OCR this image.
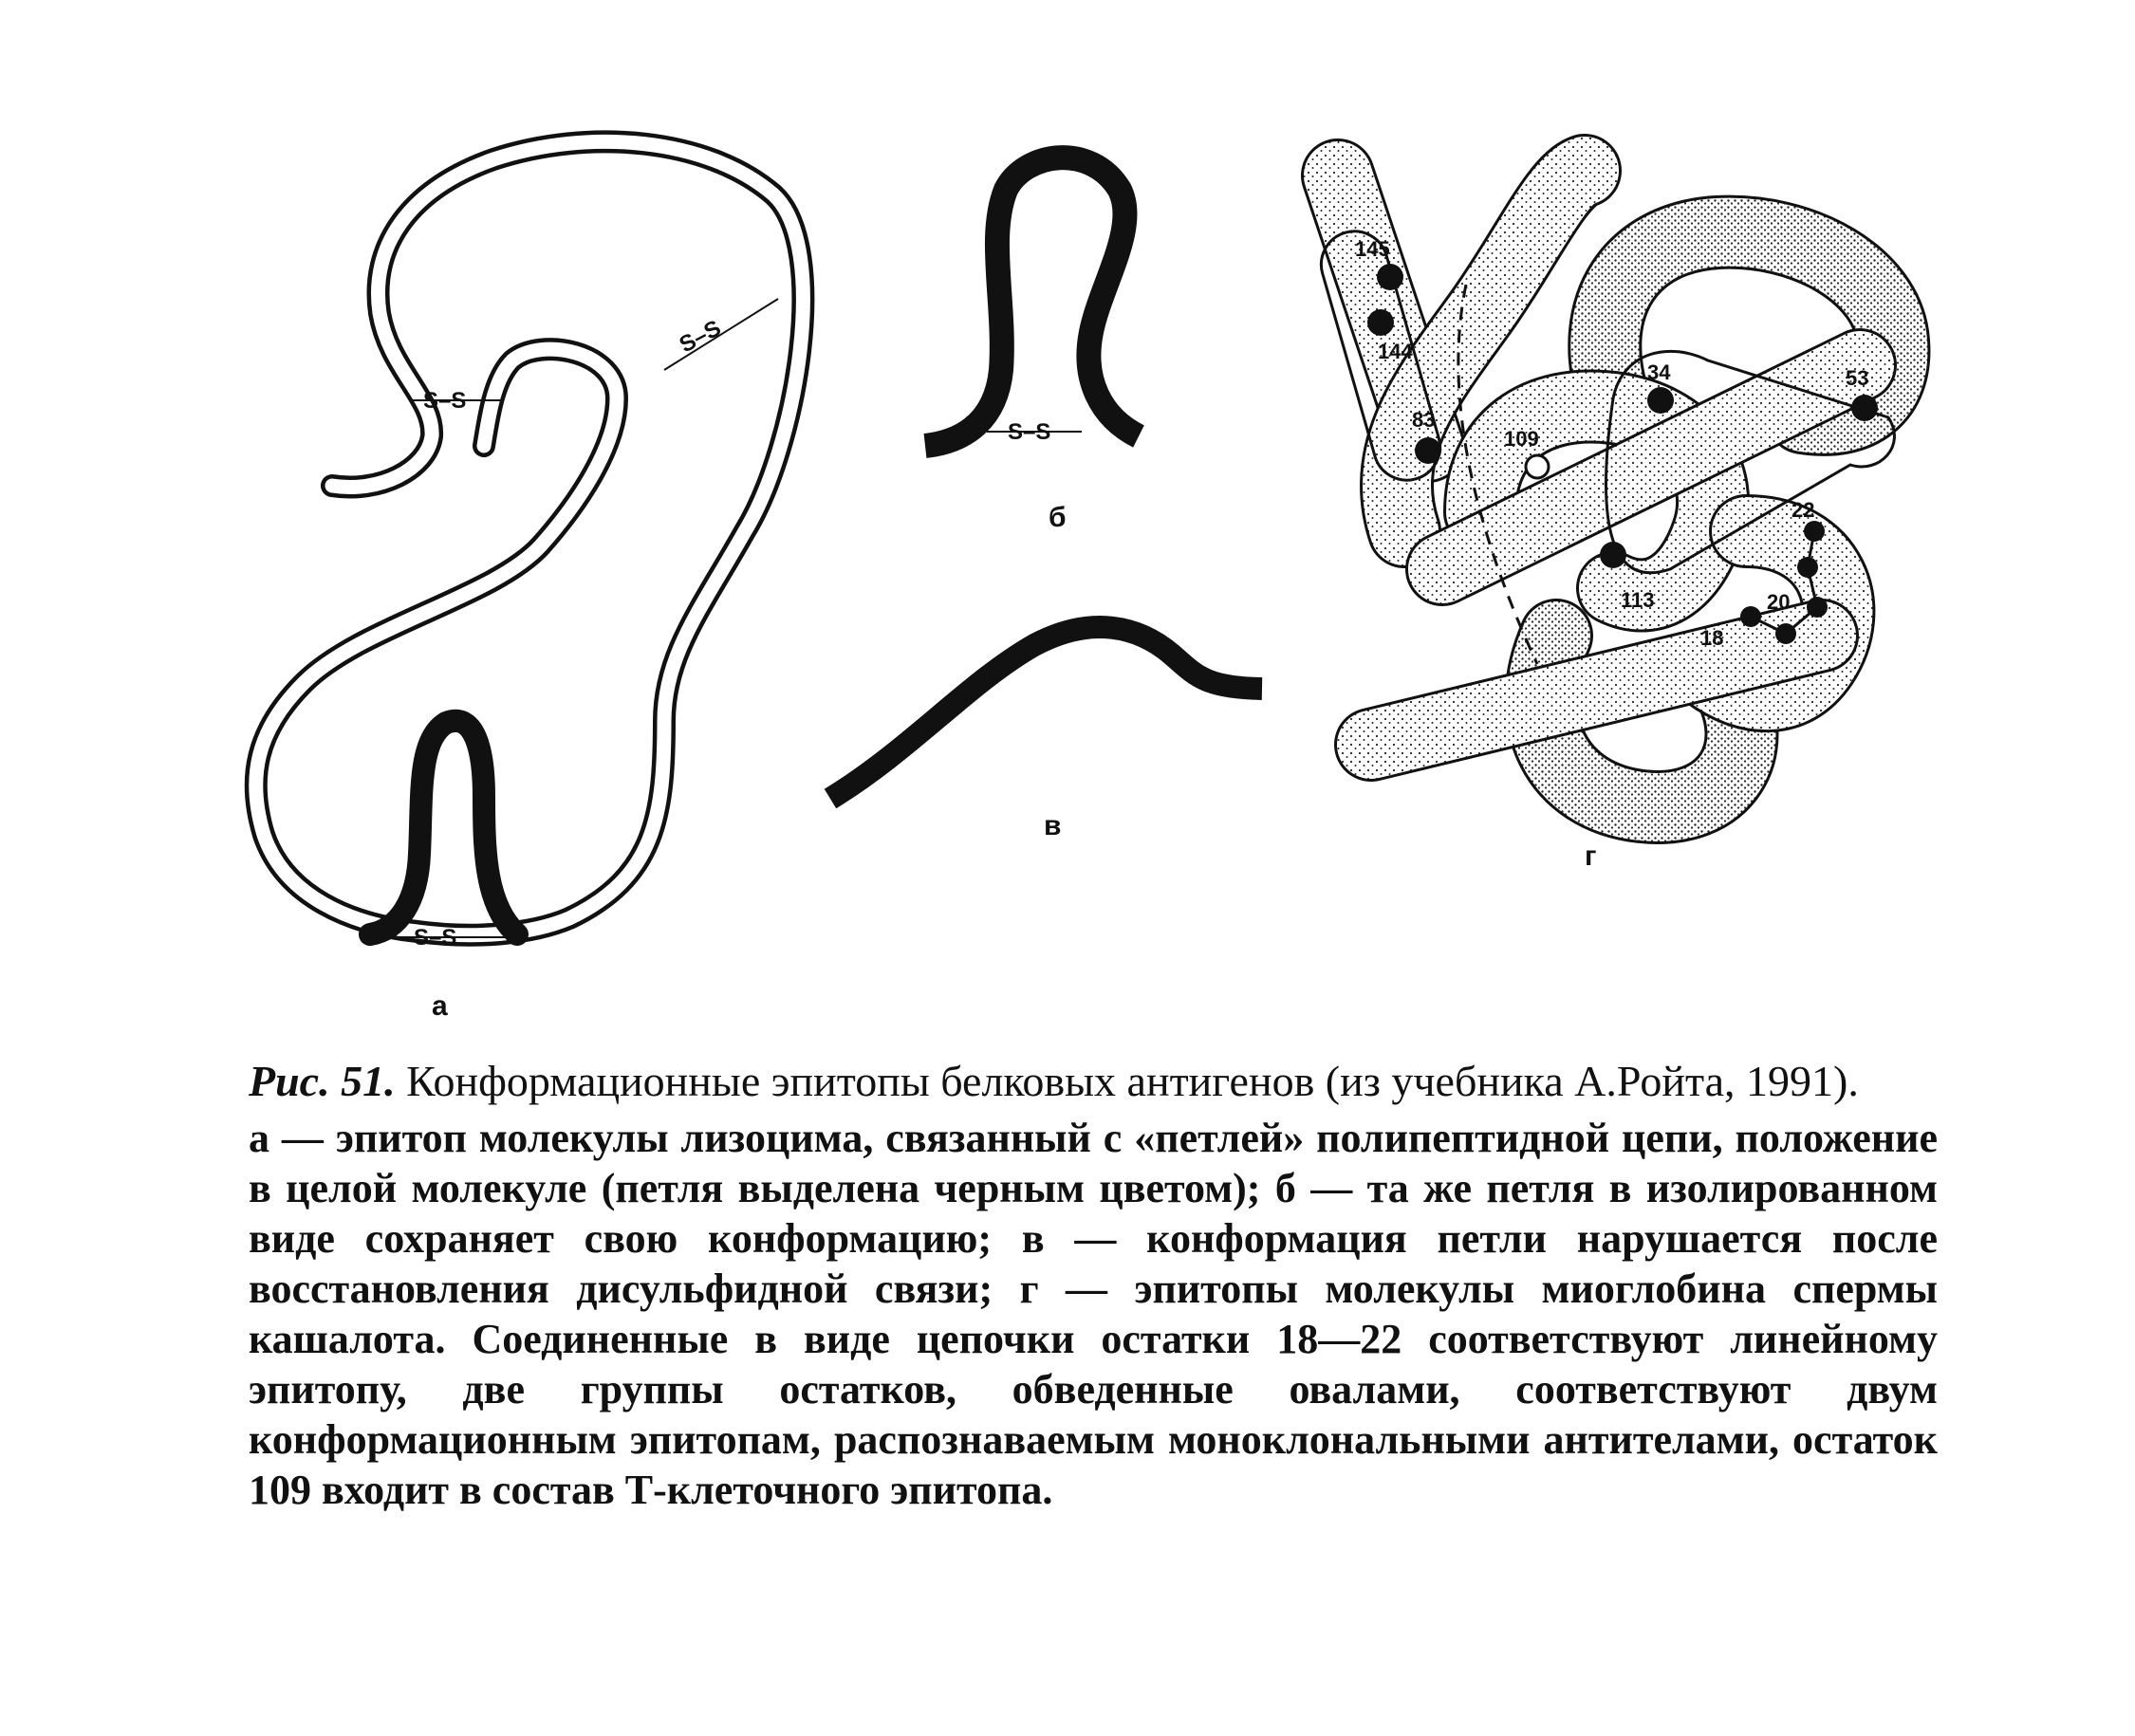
S–S
S–S
S–S
а
S–S
б
в
145
144
83
109
34	53
22
113	20
18
г

Рис. 51. Конформационные эпитопы белковых антигенов (из учебника А.Ройта, 1991).

а — эпитоп молекулы лизоцима, связанный с «петлей» полипептидной цепи, положение в целой молекуле (петля выделена черным цветом); б — та же петля в изолированном виде сохраняет свою конформацию; в — конформация петли нарушается после восстановления дисульфидной связи; г — эпитопы молекулы миоглобина спермы кашалота. Соединенные в виде цепочки остатки 18—22 соответствуют линейному эпитопу, две группы остатков, обведенные овалами, соответствуют двум конформационным эпитопам, распознаваемым моноклональными антителами, остаток 109 входит в состав Т-клеточного эпитопа.
